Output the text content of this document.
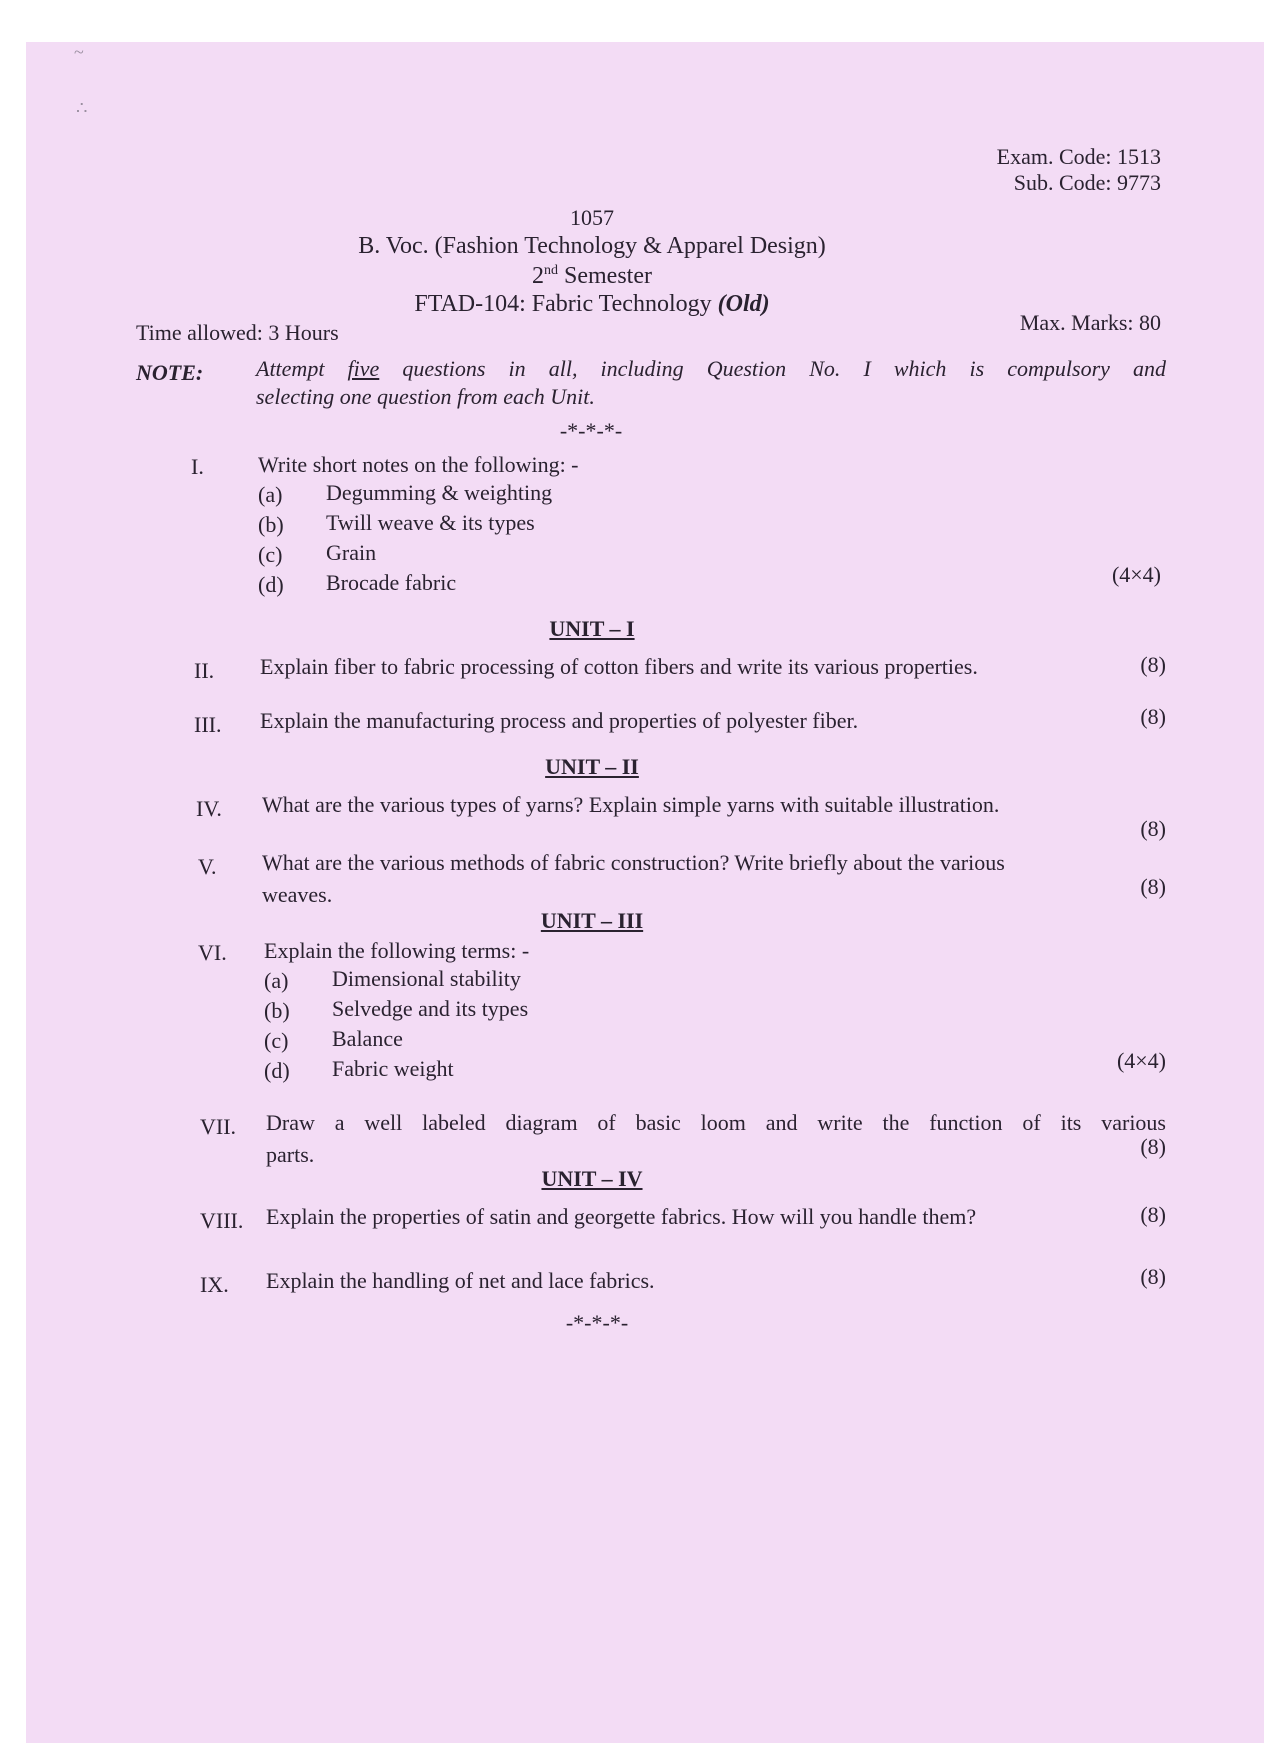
~
∴
Exam. Code: 1513
Sub. Code: 9773
1057
B. Voc. (Fashion Technology & Apparel Design)
2nd Semester
FTAD-104: Fabric Technology (Old)
Time allowed: 3 Hours	Max. Marks: 80
NOTE: Attempt five questions in all, including Question No. I which is compulsory and
selecting one question from each Unit.
-*-*-*-
I. Write short notes on the following: -
(a) Degumming & weighting
(b) Twill weave & its types
(c) Grain
(d) Brocade fabric	(4×4)
UNIT – I
II. Explain fiber to fabric processing of cotton fibers and write its various properties.	(8)
III. Explain the manufacturing process and properties of polyester fiber.	(8)
UNIT – II
IV. What are the various types of yarns? Explain simple yarns with suitable illustration.
(8)
V. What are the various methods of fabric construction? Write briefly about the various
weaves.	(8)
UNIT – III
VI. Explain the following terms: -
(a) Dimensional stability
(b) Selvedge and its types
(c) Balance
(d) Fabric weight	(4×4)
VII. Draw a well labeled diagram of basic loom and write the function of its various
parts.	(8)
UNIT – IV
VIII. Explain the properties of satin and georgette fabrics. How will you handle them?	(8)
IX. Explain the handling of net and lace fabrics.	(8)
-*-*-*-
